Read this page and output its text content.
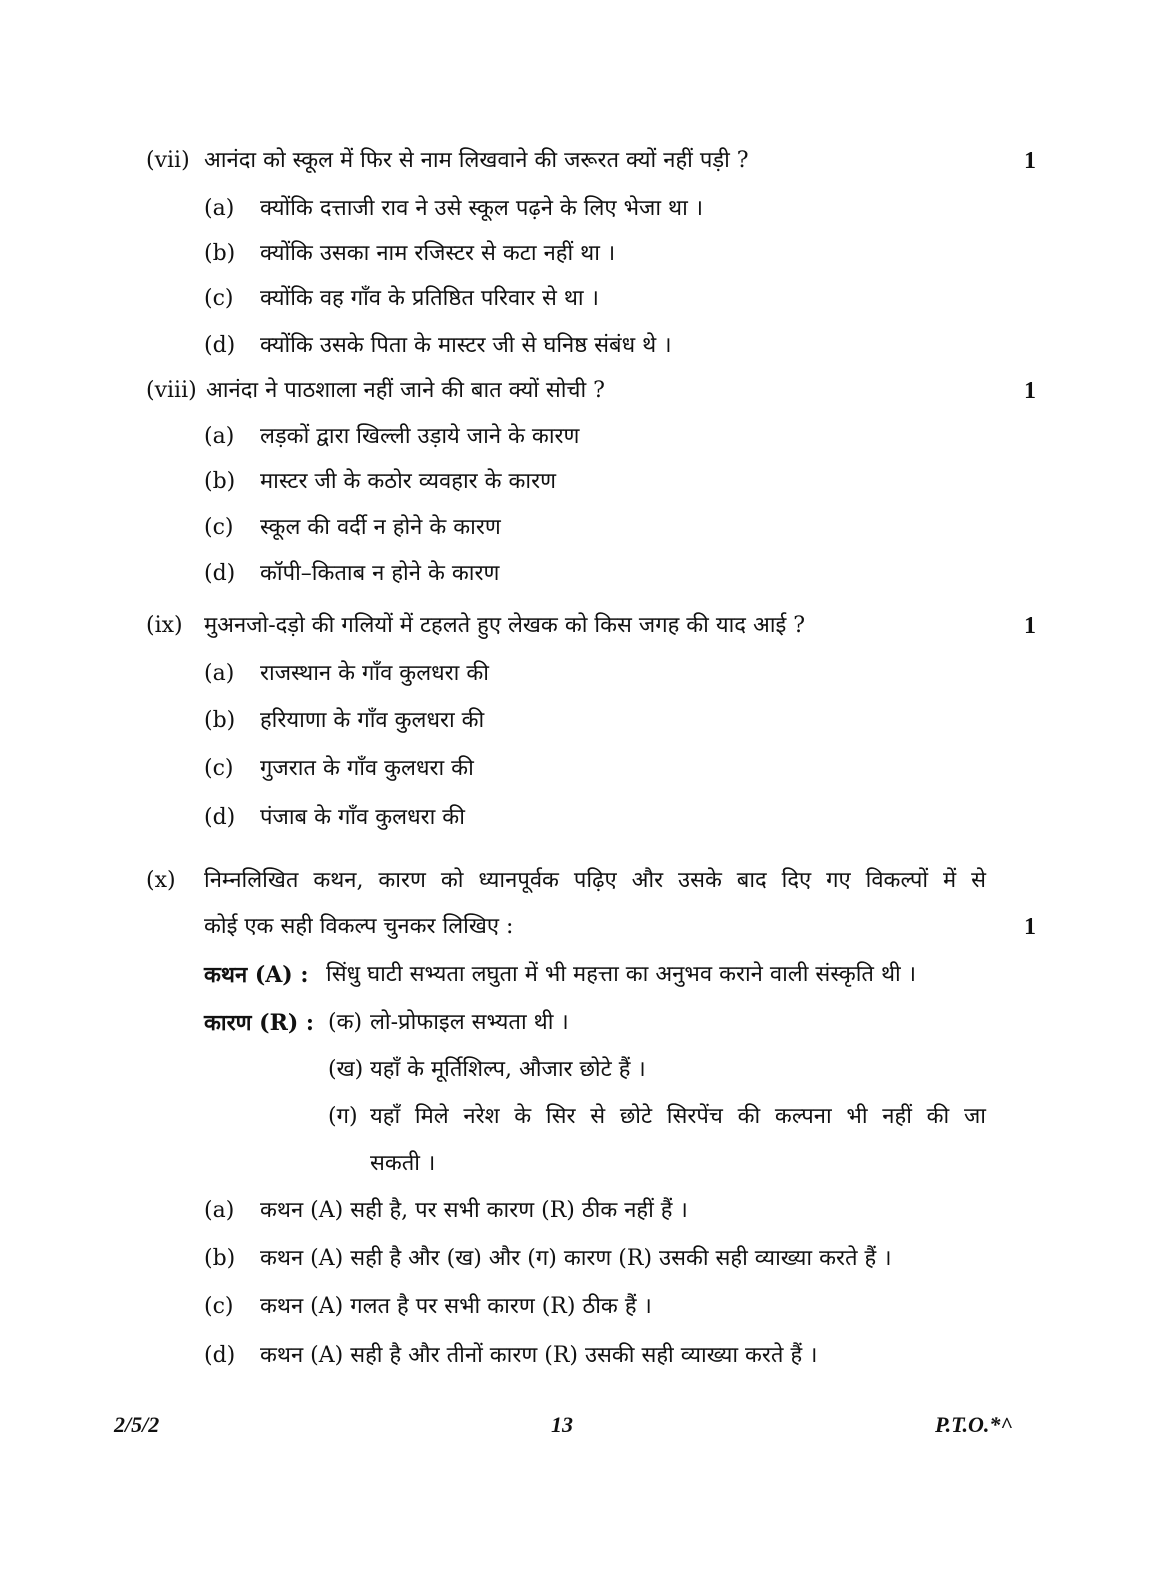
(vii) आनंदा को स्कूल में फिर से नाम लिखवाने की जरूरत क्यों नहीं पड़ी ?	1
(a) क्योंकि दत्ताजी राव ने उसे स्कूल पढ़ने के लिए भेजा था ।
(b) क्योंकि उसका नाम रजिस्टर से कटा नहीं था ।
(c) क्योंकि वह गाँव के प्रतिष्ठित परिवार से था ।
(d) क्योंकि उसके पिता के मास्टर जी से घनिष्ठ संबंध थे ।
(viii) आनंदा ने पाठशाला नहीं जाने की बात क्यों सोची ?	1
(a) लड़कों द्वारा खिल्ली उड़ाये जाने के कारण
(b) मास्टर जी के कठोर व्यवहार के कारण
(c) स्कूल की वर्दी न होने के कारण
(d) कॉपी–किताब न होने के कारण
(ix) मुअनजो-दड़ो की गलियों में टहलते हुए लेखक को किस जगह की याद आई ?	1
(a) राजस्थान के गाँव कुलधरा की
(b) हरियाणा के गाँव कुलधरा की
(c) गुजरात के गाँव कुलधरा की
(d) पंजाब के गाँव कुलधरा की
(x) निम्नलिखित कथन, कारण को ध्यानपूर्वक पढ़िए और उसके बाद दिए गए विकल्पों में से
कोई एक सही विकल्प चुनकर लिखिए :	1
कथन (A) : सिंधु घाटी सभ्यता लघुता में भी महत्ता का अनुभव कराने वाली संस्कृति थी ।
कारण (R) : (क) लो-प्रोफाइल सभ्यता थी ।
(ख) यहाँ के मूर्तिशिल्प, औजार छोटे हैं ।
(ग) यहाँ मिले नरेश के सिर से छोटे सिरपेंच की कल्पना भी नहीं की जा
सकती ।
(a) कथन (A) सही है, पर सभी कारण (R) ठीक नहीं हैं ।
(b) कथन (A) सही है और (ख) और (ग) कारण (R) उसकी सही व्याख्या करते हैं ।
(c) कथन (A) गलत है पर सभी कारण (R) ठीक हैं ।
(d) कथन (A) सही है और तीनों कारण (R) उसकी सही व्याख्या करते हैं ।
2/5/2	13	P.T.O.*^
